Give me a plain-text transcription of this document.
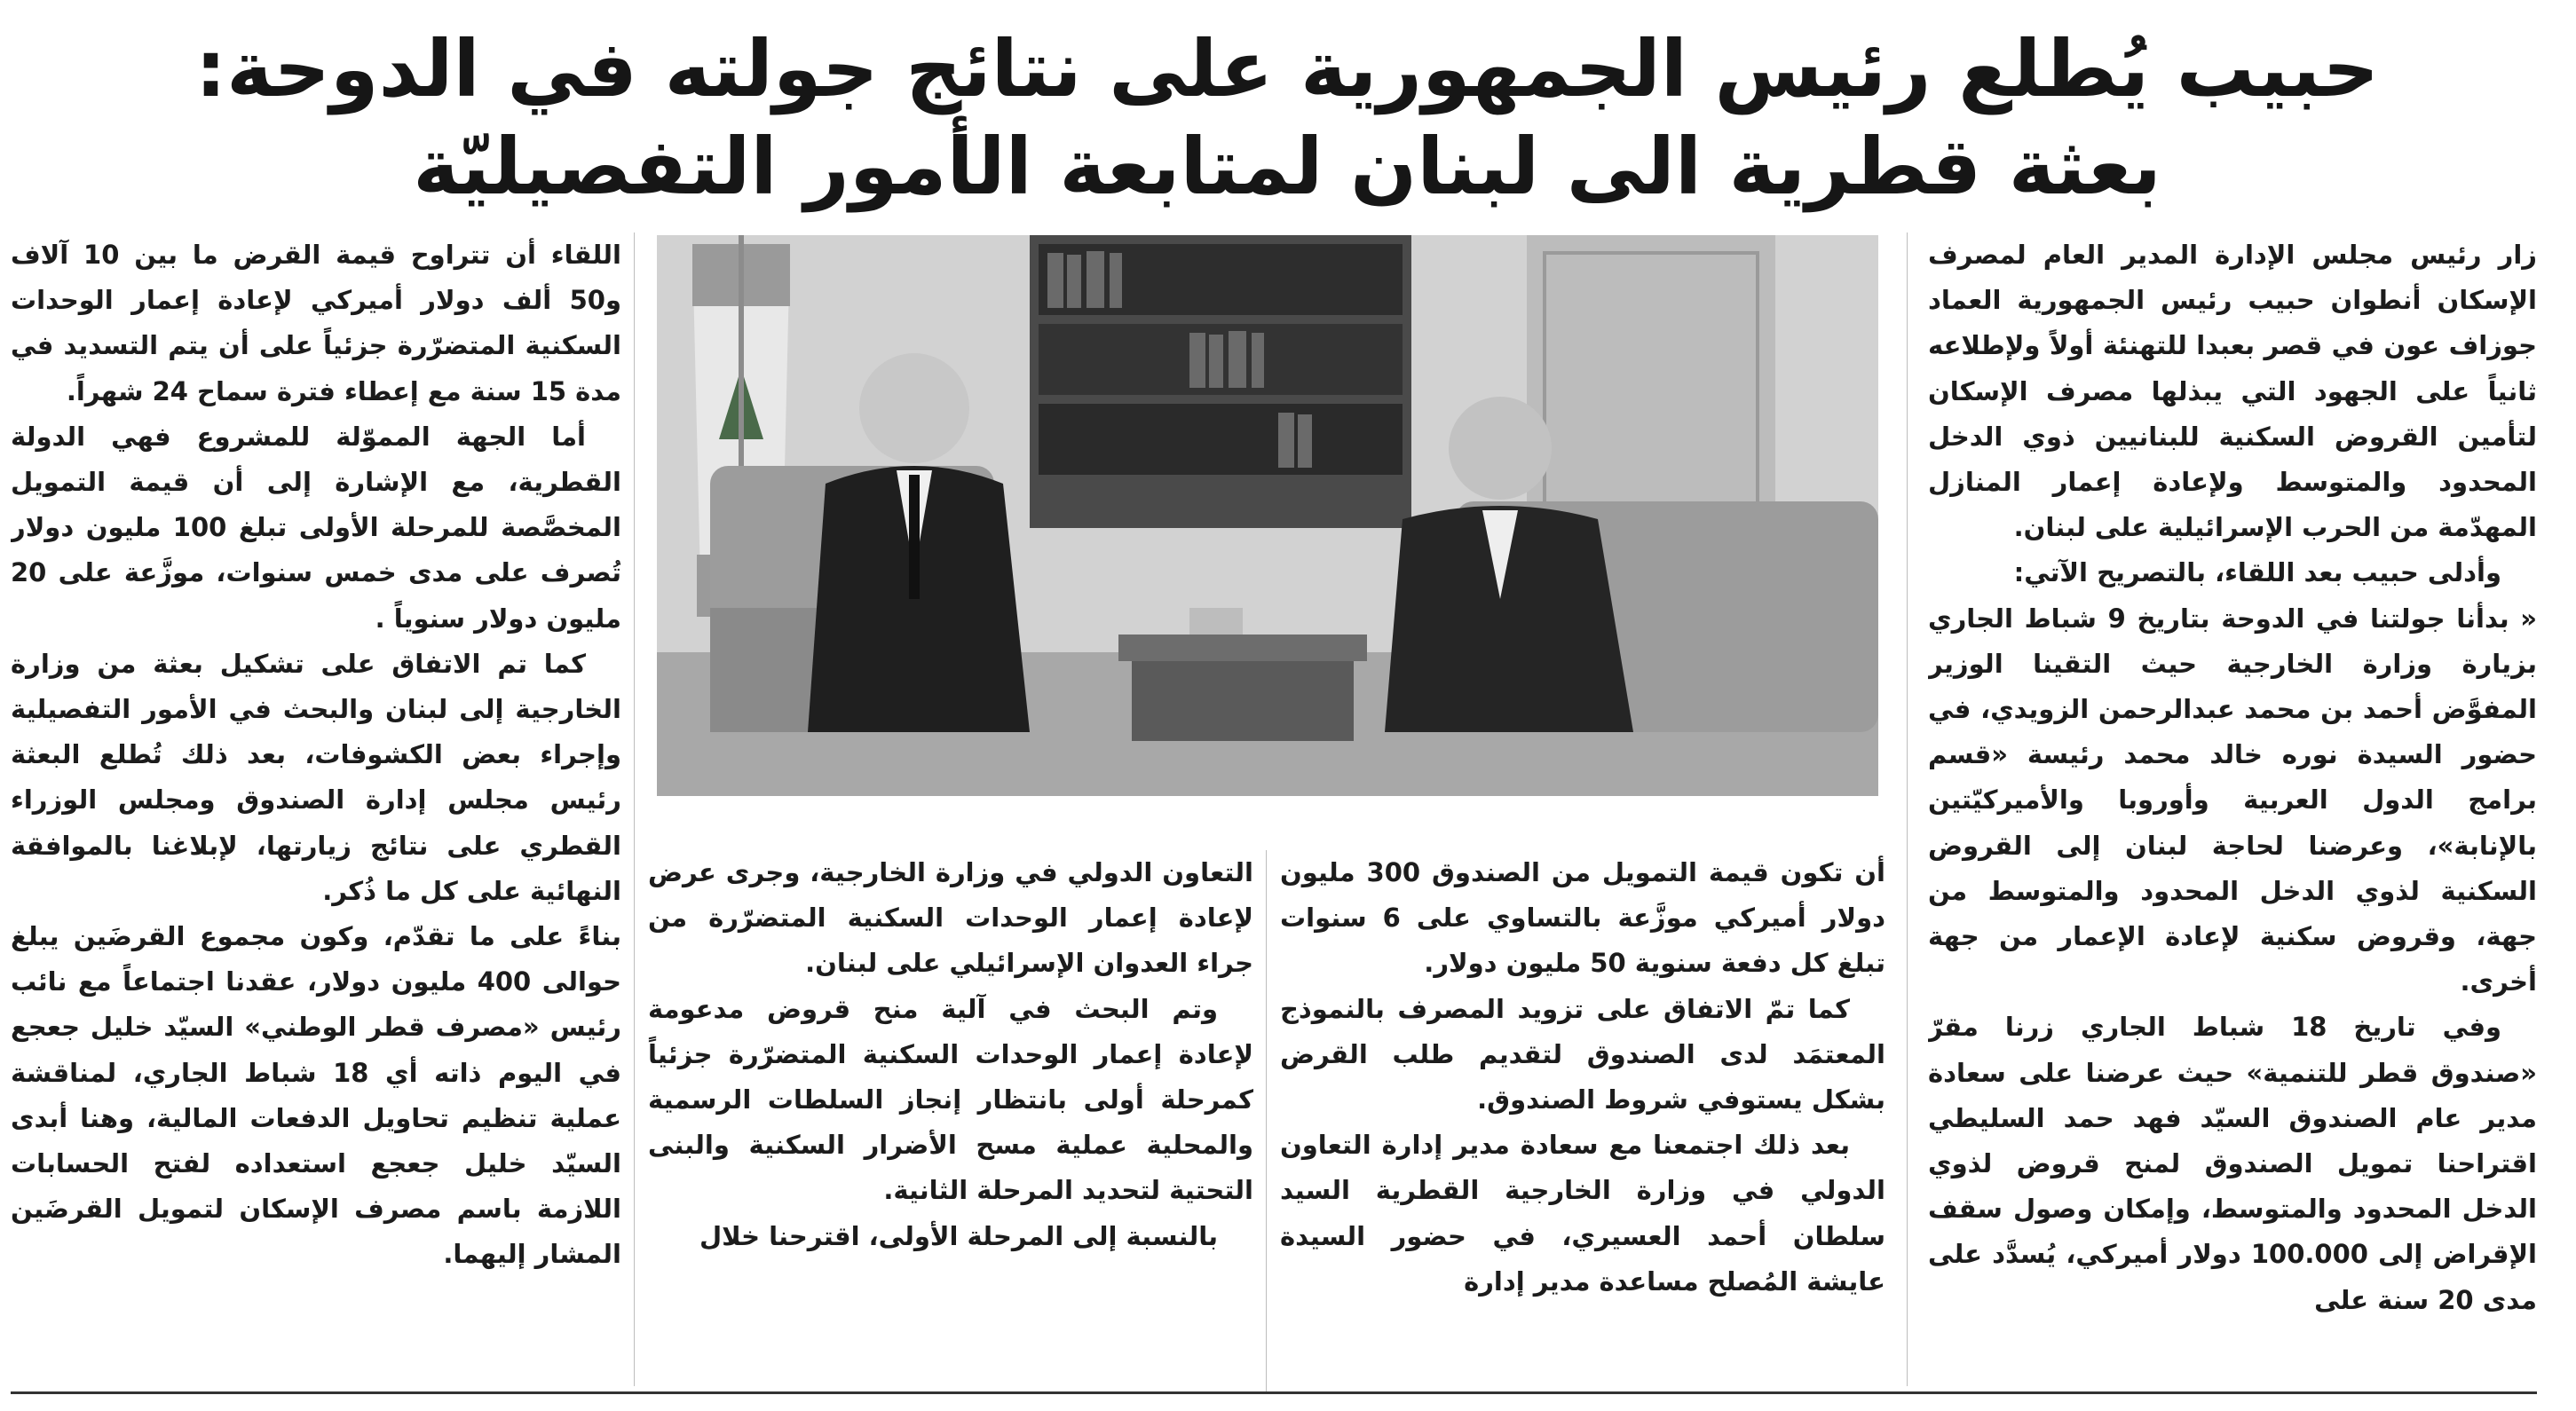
حبيب يُطلع رئيس الجمهورية على نتائج جولته في الدوحة:
بعثة قطرية الى لبنان لمتابعة الأمور التفصيليّة

زار رئيس مجلس الإدارة المدير العام لمصرف الإسكان أنطوان حبيب رئيس الجمهورية العماد جوزاف عون في قصر بعبدا للتهنئة أولاً ولإطلاعه ثانياً على الجهود التي يبذلها مصرف الإسكان لتأمين القروض السكنية للبنانيين ذوي الدخل المحدود والمتوسط ولإعادة إعمار المنازل المهدّمة من الحرب الإسرائيلية على لبنان.

وأدلى حبيب بعد اللقاء، بالتصريح الآتي:

« بدأنا جولتنا في الدوحة بتاريخ 9 شباط الجاري بزيارة وزارة الخارجية حيث التقينا الوزير المفوَّض أحمد بن محمد عبدالرحمن الزويدي، في حضور السيدة نوره خالد محمد رئيسة «قسم برامج الدول العربية وأوروبا والأميركيّتين بالإنابة»، وعرضنا لحاجة لبنان إلى القروض السكنية لذوي الدخل المحدود والمتوسط من جهة، وقروض سكنية لإعادة الإعمار من جهة أخرى.

وفي تاريخ 18 شباط الجاري زرنا مقرّ «صندوق قطر للتنمية» حيث عرضنا على سعادة مدير عام الصندوق السيّد فهد حمد السليطي اقتراحنا تمويل الصندوق لمنح قروض لذوي الدخل المحدود والمتوسط، وإمكان وصول سقف الإقراض إلى 100.000 دولار أميركي، يُسدَّد على مدى 20 سنة على

أن تكون قيمة التمويل من الصندوق 300 مليون دولار أميركي موزَّعة بالتساوي على 6 سنوات تبلغ كل دفعة سنوية 50 مليون دولار.

كما تمّ الاتفاق على تزويد المصرف بالنموذج المعتمَد لدى الصندوق لتقديم طلب القرض بشكل يستوفي شروط الصندوق.

بعد ذلك اجتمعنا مع سعادة مدير إدارة التعاون الدولي في وزارة الخارجية القطرية السيد سلطان أحمد العسيري، في حضور السيدة عايشة المُصلح مساعدة مدير إدارة

التعاون الدولي في وزارة الخارجية، وجرى عرض لإعادة إعمار الوحدات السكنية المتضرّرة من جراء العدوان الإسرائيلي على لبنان.

وتم البحث في آلية منح قروض مدعومة لإعادة إعمار الوحدات السكنية المتضرّرة جزئياً كمرحلة أولى بانتظار إنجاز السلطات الرسمية والمحلية عملية مسح الأضرار السكنية والبنى التحتية لتحديد المرحلة الثانية.

بالنسبة إلى المرحلة الأولى، اقترحنا خلال

اللقاء أن تتراوح قيمة القرض ما بين 10 آلاف و50 ألف دولار أميركي لإعادة إعمار الوحدات السكنية المتضرّرة جزئياً على أن يتم التسديد في مدة 15 سنة مع إعطاء فترة سماح 24 شهراً.

أما الجهة المموّلة للمشروع فهي الدولة القطرية، مع الإشارة إلى أن قيمة التمويل المخصَّصة للمرحلة الأولى تبلغ 100 مليون دولار تُصرف على مدى خمس سنوات، موزَّعة على 20 مليون دولار سنوياً .

كما تم الاتفاق على تشكيل بعثة من وزارة الخارجية إلى لبنان والبحث في الأمور التفصيلية وإجراء بعض الكشوفات، بعد ذلك تُطلع البعثة رئيس مجلس إدارة الصندوق ومجلس الوزراء القطري على نتائج زيارتها، لإبلاغنا بالموافقة النهائية على كل ما ذُكر.

بناءً على ما تقدّم، وكون مجموع القرضَين يبلغ حوالى 400 مليون دولار، عقدنا اجتماعاً مع نائب رئيس «مصرف قطر الوطني» السيّد خليل جعجع في اليوم ذاته أي 18 شباط الجاري، لمناقشة عملية تنظيم تحاويل الدفعات المالية، وهنا أبدى السيّد خليل جعجع استعداده لفتح الحسابات اللازمة باسم مصرف الإسكان لتمويل القرضَين المشار إليهما.
